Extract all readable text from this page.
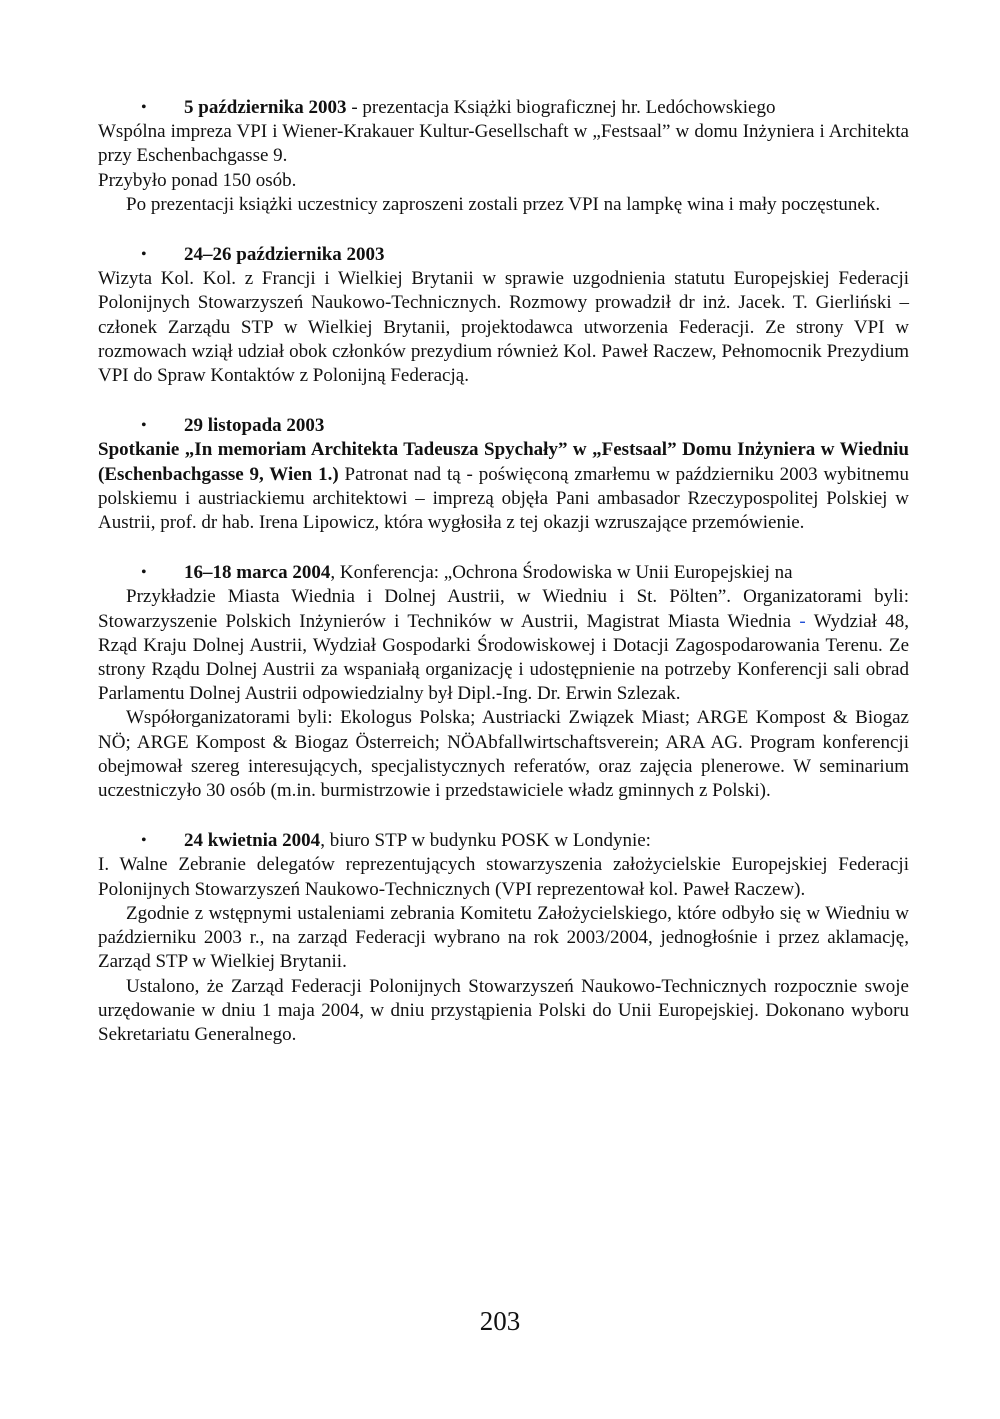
• 5 października 2003 - prezentacja Książki biograficznej hr. Ledóchowskiego

Wspólna impreza VPI i Wiener-Krakauer Kultur-Gesellschaft w „Festsaal” w domu Inżyniera i Architekta przy Eschenbachgasse 9.

Przybyło ponad 150 osób.

Po prezentacji książki uczestnicy zaproszeni zostali przez VPI na lampkę wina i mały poczęstunek.

• 24–26 października 2003

Wizyta Kol. Kol. z Francji i Wielkiej Brytanii w sprawie uzgodnienia statutu Europejskiej Federacji Polonijnych Stowarzyszeń Naukowo-Technicznych. Rozmowy prowadził dr inż. Jacek. T. Gierliński – członek Zarządu STP w Wielkiej Brytanii, projektodawca utworzenia Federacji. Ze strony VPI w rozmowach wziął udział obok członków prezydium również Kol. Paweł Raczew, Pełnomocnik Prezydium VPI do Spraw Kontaktów z Polonijną Federacją.

• 29 listopada 2003

Spotkanie „In memoriam Architekta Tadeusza Spychały” w „Festsaal” Domu Inżyniera w Wiedniu (Eschenbachgasse 9, Wien 1.) Patronat nad tą - poświęconą zmarłemu w październiku 2003 wybitnemu polskiemu i austriackiemu architektowi – imprezą objęła Pani ambasador Rzeczypospolitej Polskiej w Austrii, prof. dr hab. Irena Lipowicz, która wygłosiła z tej okazji wzruszające przemówienie.

• 16–18 marca 2004, Konferencja: „Ochrona Środowiska w Unii Europejskiej na

Przykładzie Miasta Wiednia i Dolnej Austrii, w Wiedniu i St. Pölten”. Organizatorami byli: Stowarzyszenie Polskich Inżynierów i Techników w Austrii, Magistrat Miasta Wiednia - Wydział 48, Rząd Kraju Dolnej Austrii, Wydział Gospodarki Środowiskowej i Dotacji Zagospodarowania Terenu. Ze strony Rządu Dolnej Austrii za wspaniałą organizację i udostępnienie na potrzeby Konferencji sali obrad Parlamentu Dolnej Austrii odpowiedzialny był Dipl.-Ing. Dr. Erwin Szlezak.

Współorganizatorami byli: Ekologus Polska; Austriacki Związek Miast; ARGE Kompost & Biogaz NÖ; ARGE Kompost & Biogaz Österreich; NÖAbfallwirtschaftsverein; ARA AG. Program konferencji obejmował szereg interesujących, specjalistycznych referatów, oraz zajęcia plenerowe. W seminarium uczestniczyło 30 osób (m.in. burmistrzowie i przedstawiciele władz gminnych z Polski).

• 24 kwietnia 2004, biuro STP w budynku POSK w Londynie:

I. Walne Zebranie delegatów reprezentujących stowarzyszenia założycielskie Europejskiej Federacji Polonijnych Stowarzyszeń Naukowo-Technicznych (VPI reprezentował kol. Paweł Raczew).

Zgodnie z wstępnymi ustaleniami zebrania Komitetu Założycielskiego, które odbyło się w Wiedniu w październiku 2003 r., na zarząd Federacji wybrano na rok 2003/2004, jednogłośnie i przez aklamację, Zarząd STP w Wielkiej Brytanii.

Ustalono, że Zarząd Federacji Polonijnych Stowarzyszeń Naukowo-Technicznych rozpocznie swoje urzędowanie w dniu 1 maja 2004, w dniu przystąpienia Polski do Unii Europejskiej. Dokonano wyboru Sekretariatu Generalnego.

203
